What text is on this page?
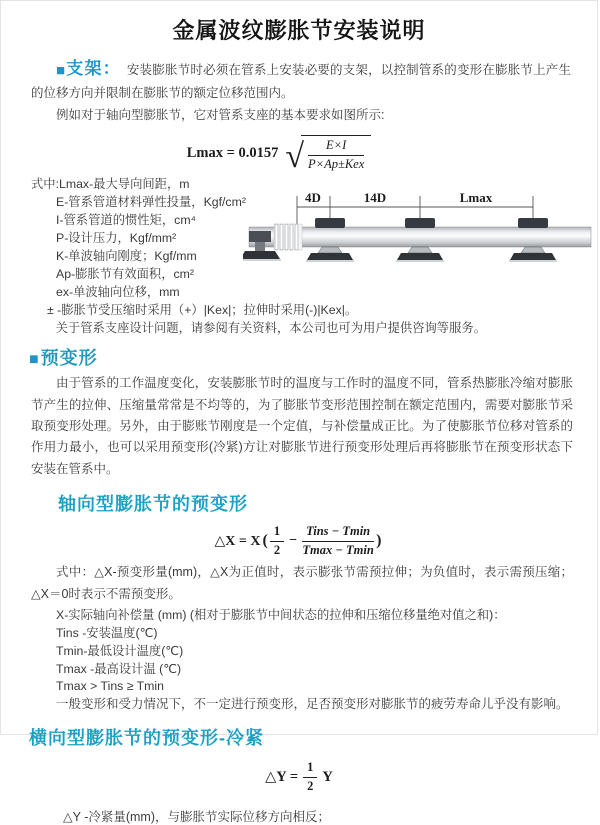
金属波纹膨胀节安装说明

■支架： 安装膨胀节时必须在管系上安装必要的支架，以控制管系的变形在膨胀节上产生的位移方向并限制在膨胀节的额定位移范围内。

例如对于轴向型膨胀节，它对管系支座的基本要求如图所示:

Lmax = 0.0157 √ $\frac{E\times I}{\text{P×Ap±Kex}}$

式中:Lmax-最大导向间距，m

E-管系管道材料弹性投量，Kgf/cm²

I-管系管道的惯性矩，cm⁴

P-设计压力，Kgf/mm²

K-单波轴向刚度；Kgf/mm

Ap-膨胀节有效面积，cm²

ex-单波轴向位移，mm

± -膨胀节受压缩时采用（+）|Kex|；拉伸时采用(-)|Kex|。

关于管系支座设计问题，请参阅有关资料，本公司也可为用户提供咨询等服务。

4D	14D	Lmax
■预变形

由于管系的工作温度变化，安装膨胀节时的温度与工作时的温度不同，管系热膨胀冷缩对膨胀节产生的拉伸、压缩量常常是不均等的，为了膨胀节变形范围控制在额定范围内，需要对膨胀节采取预变形处理。另外，由于膨账节刚度是一个定值，与补偿量成正比。为了使膨胀节位移对管系的作用力最小，也可以采用预变形(冷紧)方让对膨胀节进行预变形处理后再将膨胀节在预变形状态下安装在管系中。

轴向型膨胀节的预变形
△X = X ( $\frac{1}{2} - \frac{\text{Tins − Tmin}}{Tmax - Tmin}$ )

式中：△X-预变形量(mm)，△X为正值时，表示膨张节需预拉伸；为负值时，表示需预压缩；△X＝0时表示不需预变形。

X-实际轴向补偿量 (mm) (相对于膨胀节中间状态的拉伸和压缩位移量绝对值之和)：

Tins -安装温度(℃)

Tmin-最低设计温度(℃)

Tmax -最高设计温 (℃)

Tmax > Tins ≥ Tmin

一般变形和受力情况下，不一定进行预变形，足否预变形对膨胀节的疲劳寿命儿乎没有影响。

横向型膨胀节的预变形-冷紧
△Y = $\frac{1}{2}$ Y

△Y -冷紧量(mm)，与膨胀节实际位移方向相反；
